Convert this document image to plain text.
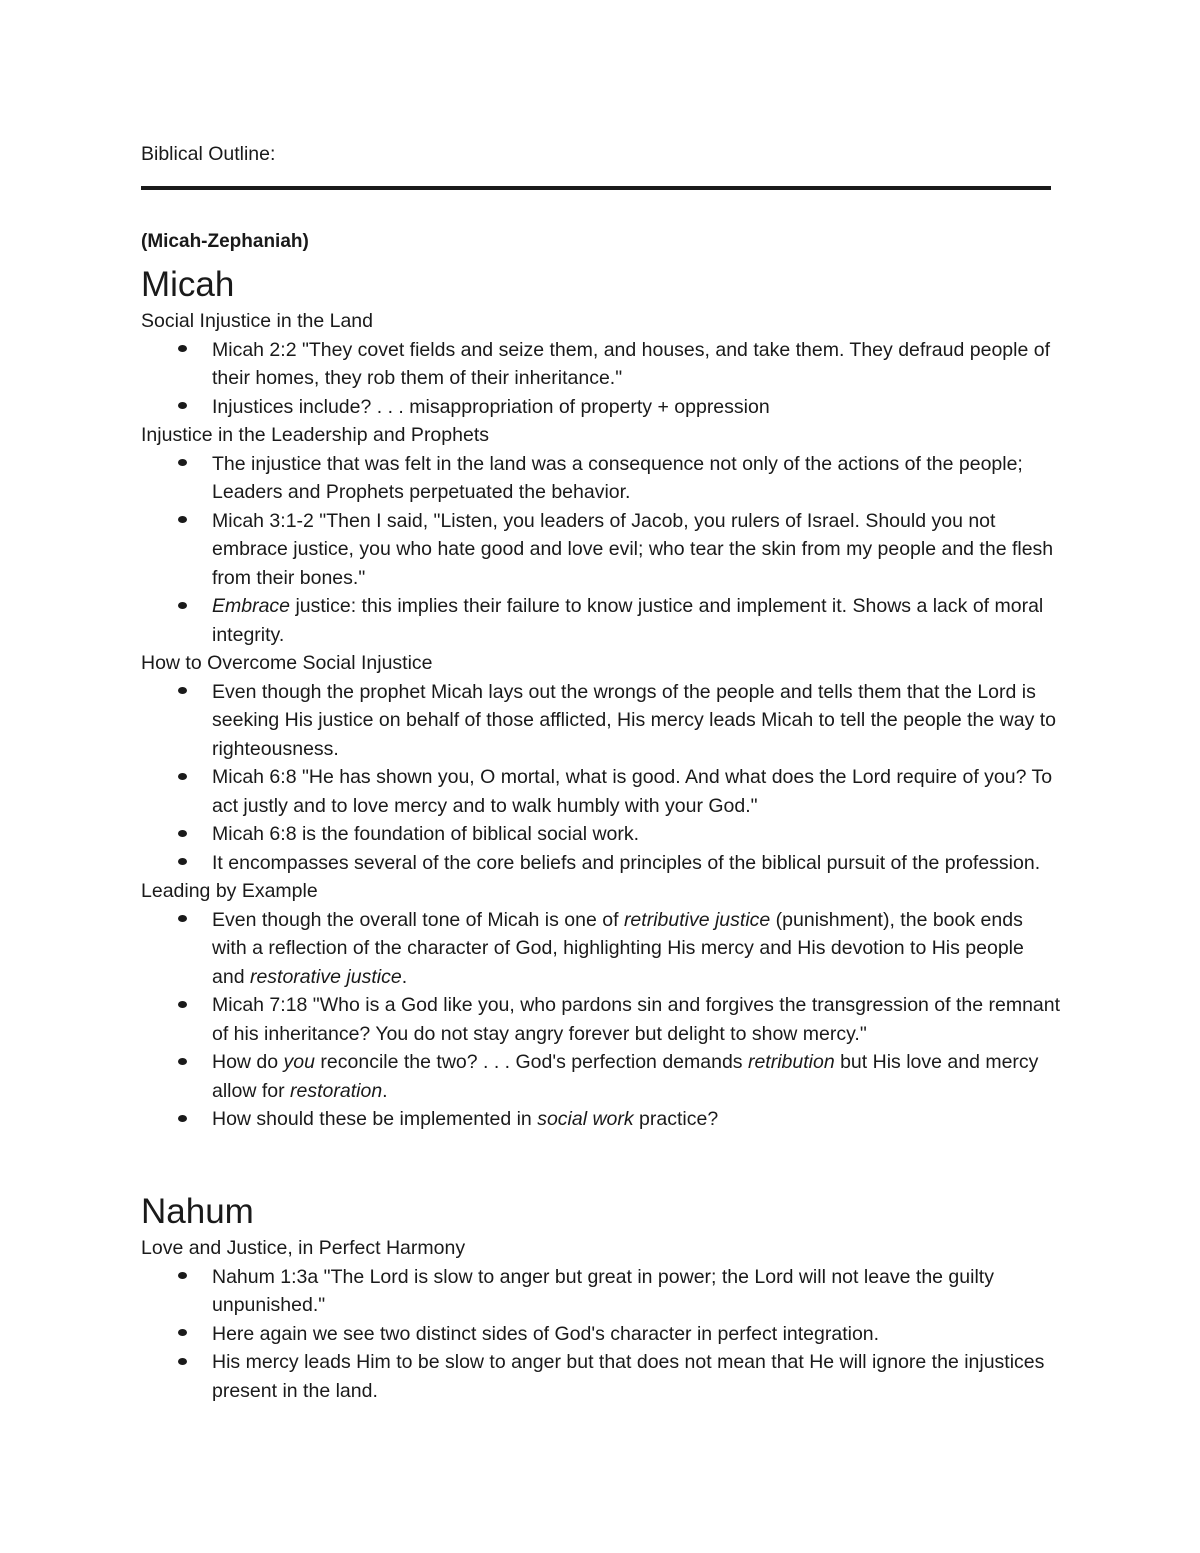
Biblical Outline:
(Micah-Zephaniah)
Micah
Social Injustice in the Land
Micah 2:2 "They covet fields and seize them, and houses, and take them. They defraud people of their homes, they rob them of their inheritance."
Injustices include? . . . misappropriation of property + oppression
Injustice in the Leadership and Prophets
The injustice that was felt in the land was a consequence not only of the actions of the people; Leaders and Prophets perpetuated the behavior.
Micah 3:1-2 "Then I said, "Listen, you leaders of Jacob, you rulers of Israel. Should you not embrace justice, you who hate good and love evil; who tear the skin from my people and the flesh from their bones."
Embrace justice: this implies their failure to know justice and implement it. Shows a lack of moral integrity.
How to Overcome Social Injustice
Even though the prophet Micah lays out the wrongs of the people and tells them that the Lord is seeking His justice on behalf of those afflicted, His mercy leads Micah to tell the people the way to righteousness.
Micah 6:8 "He has shown you, O mortal, what is good. And what does the Lord require of you? To act justly and to love mercy and to walk humbly with your God."
Micah 6:8 is the foundation of biblical social work.
It encompasses several of the core beliefs and principles of the biblical pursuit of the profession.
Leading by Example
Even though the overall tone of Micah is one of retributive justice (punishment), the book ends with a reflection of the character of God, highlighting His mercy and His devotion to His people and restorative justice.
Micah 7:18 "Who is a God like you, who pardons sin and forgives the transgression of the remnant of his inheritance? You do not stay angry forever but delight to show mercy."
How do you reconcile the two? . . . God's perfection demands retribution but His love and mercy allow for restoration.
How should these be implemented in social work practice?
Nahum
Love and Justice, in Perfect Harmony
Nahum 1:3a "The Lord is slow to anger but great in power; the Lord will not leave the guilty unpunished."
Here again we see two distinct sides of God's character in perfect integration.
His mercy leads Him to be slow to anger but that does not mean that He will ignore the injustices present in the land.
